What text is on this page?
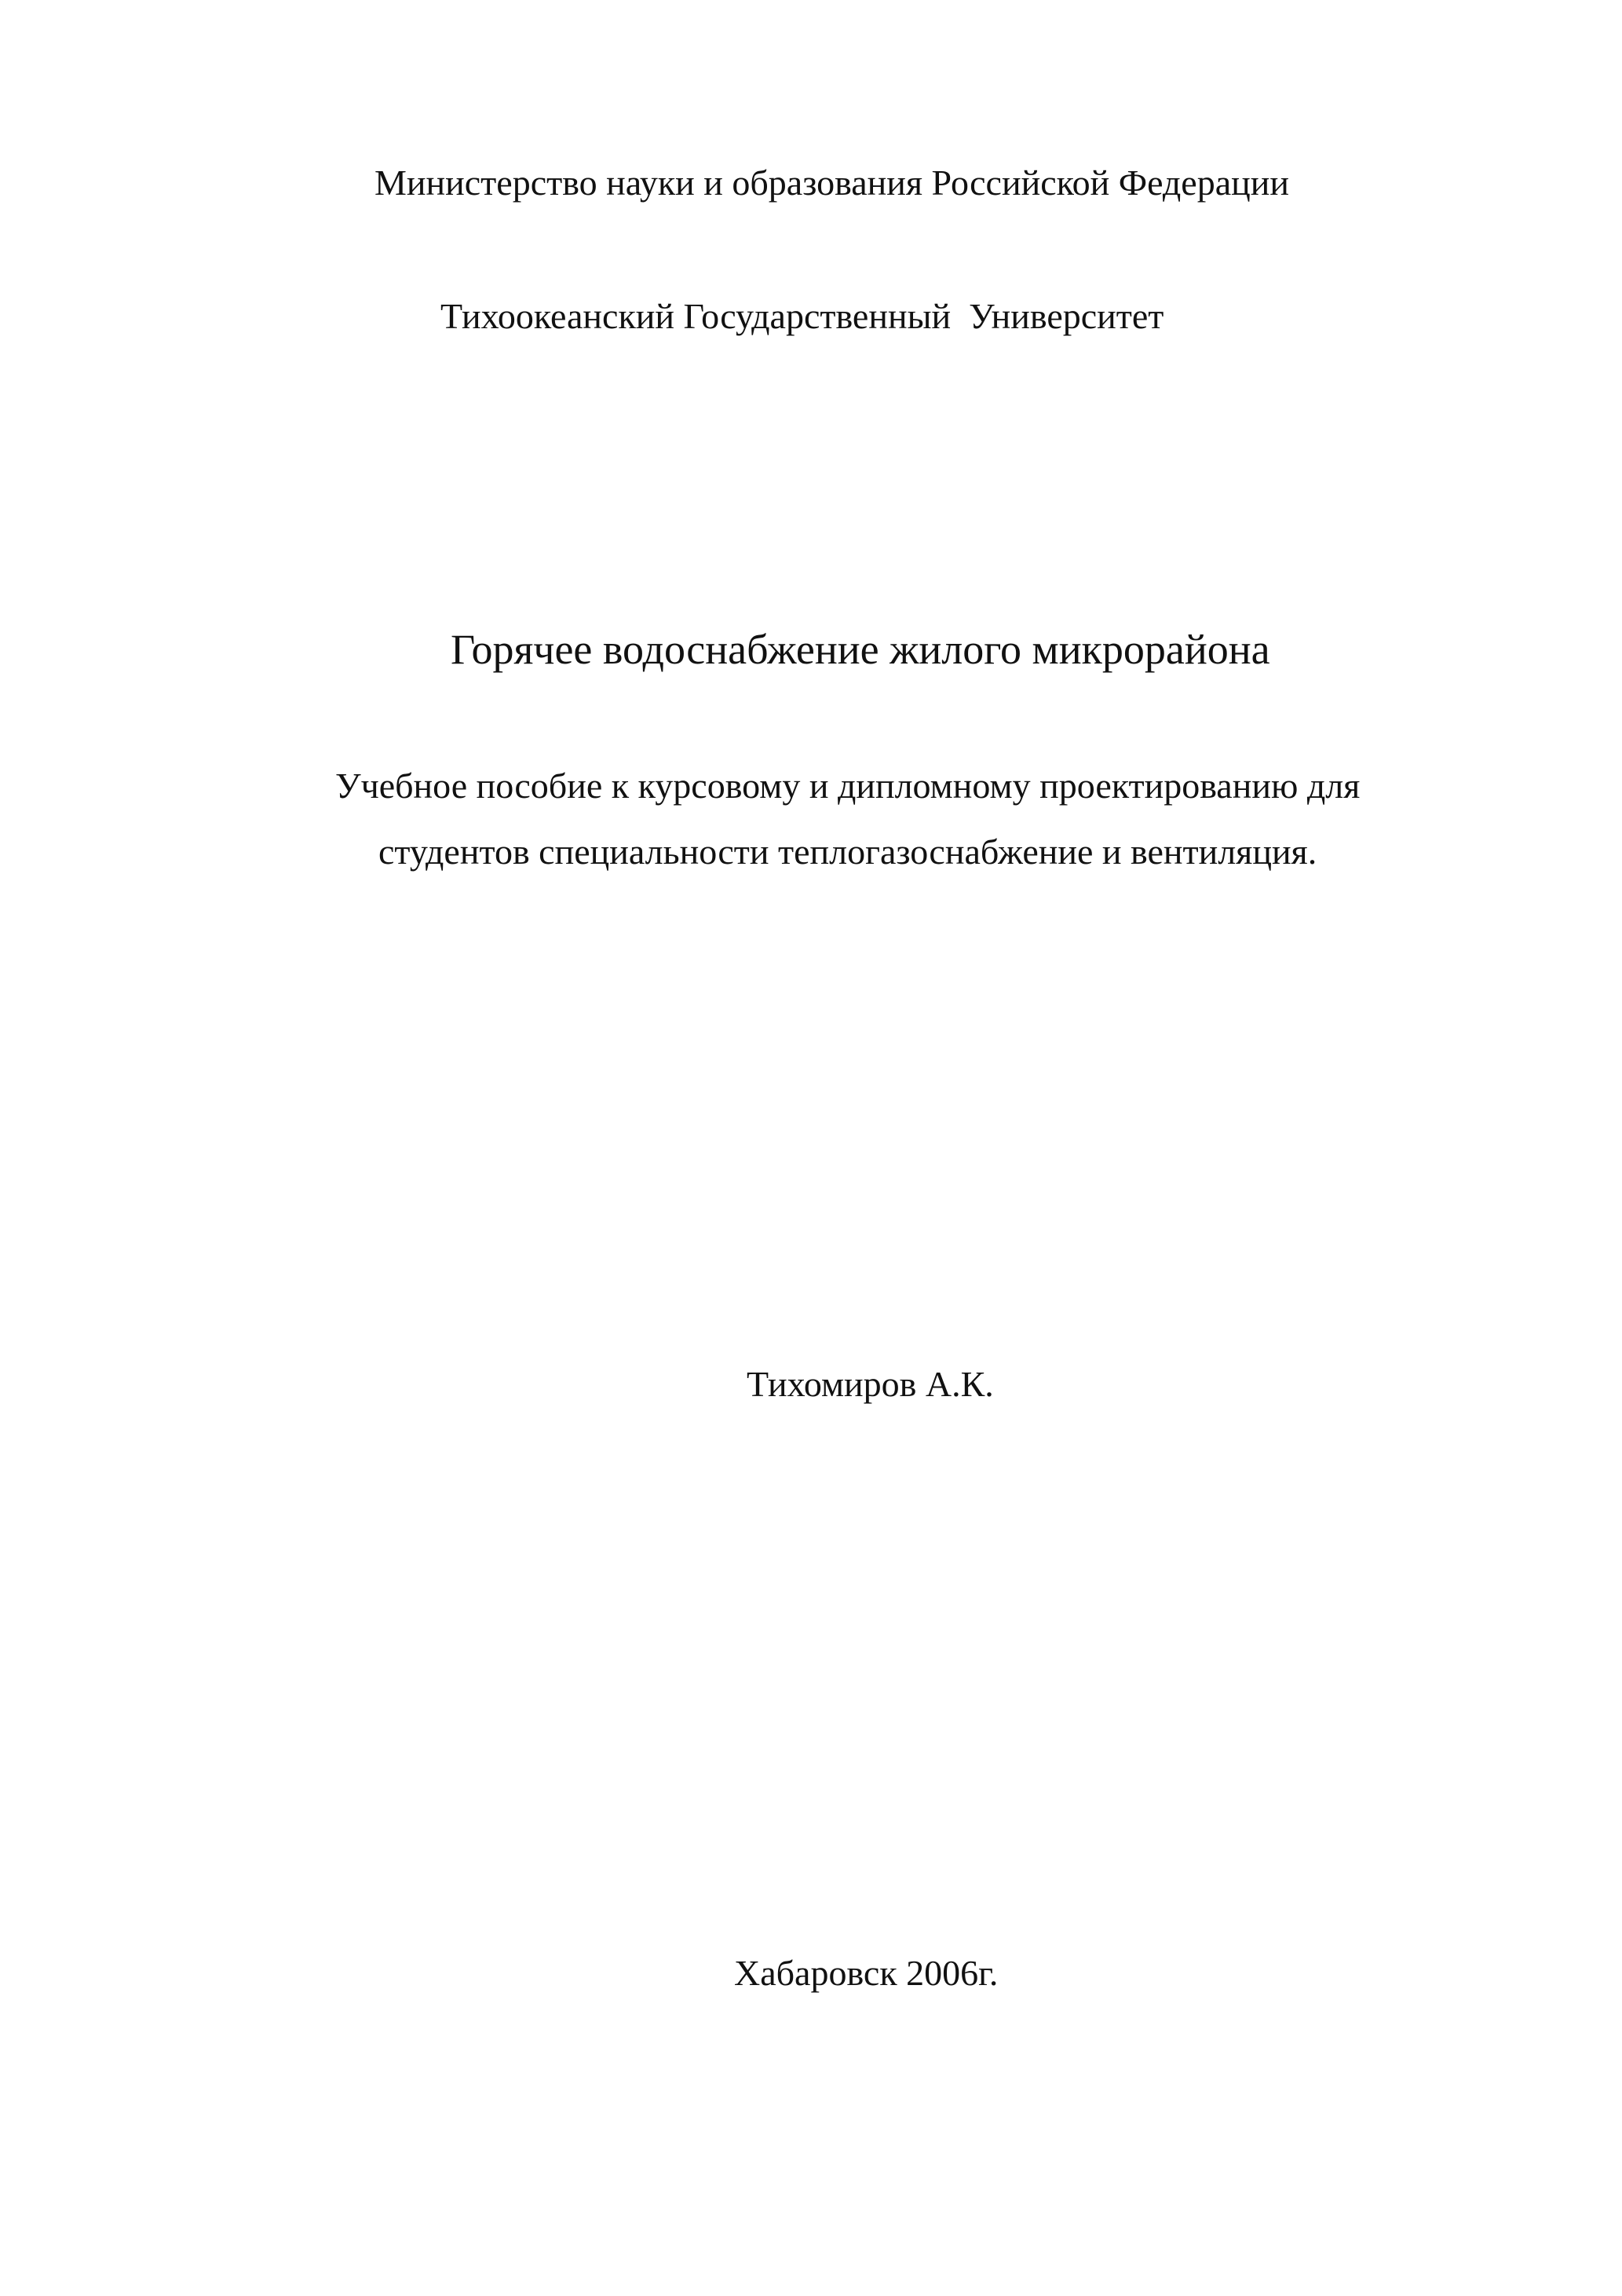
Министерство науки и образования Российской Федерации
Тихоокеанский Государственный  Университет
Горячее водоснабжение жилого микрорайона
Учебное пособие к курсовому и дипломному проектированию для
студентов специальности теплогазоснабжение и вентиляция.
Тихомиров А.К.
Хабаровск 2006г.
